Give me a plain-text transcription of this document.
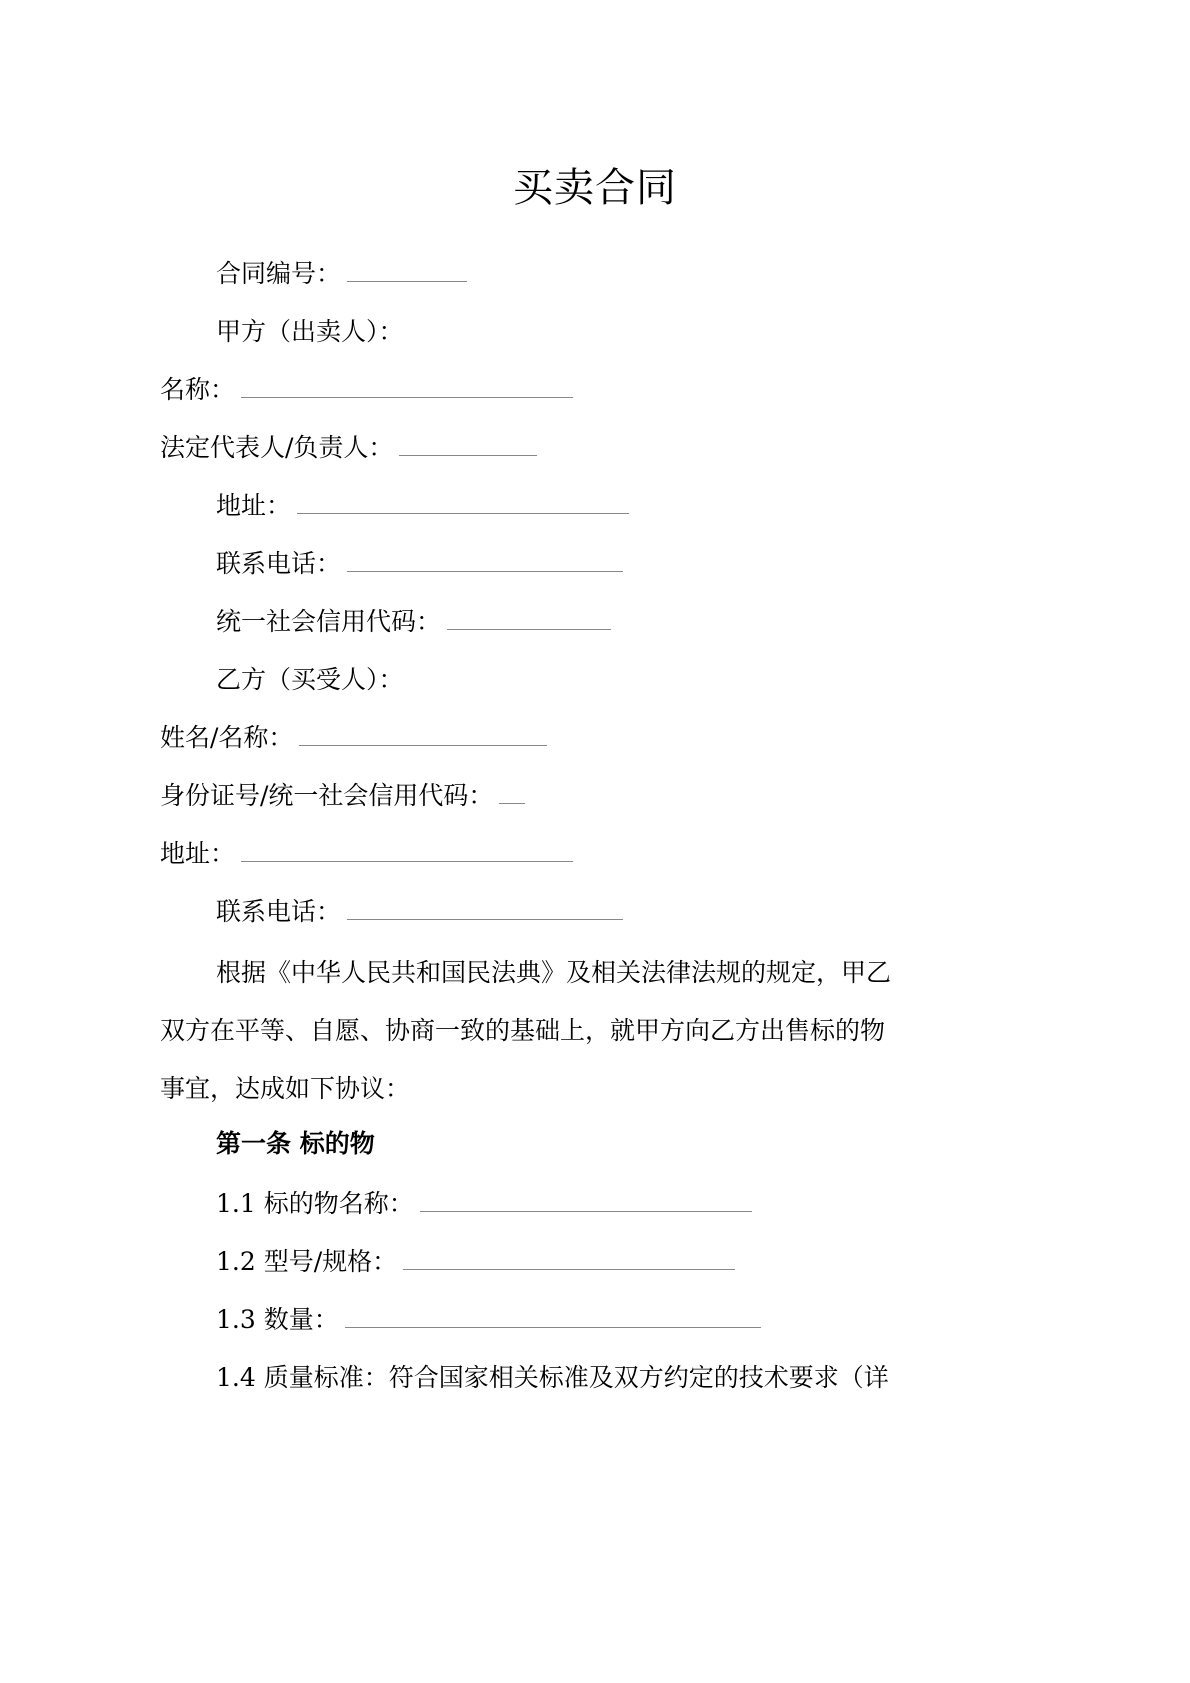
买卖合同
合同编号：
甲方（出卖人）：
名称：
法定代表人/负责人：
地址：
联系电话：
统一社会信用代码：
乙方（买受人）：
姓名/名称：
身份证号/统一社会信用代码：
地址：
联系电话：
根据《中华人民共和国民法典》及相关法律法规的规定，甲乙
双方在平等、自愿、协商一致的基础上，就甲方向乙方出售标的物
事宜，达成如下协议：
第一条 标的物
1.1 标的物名称：
1.2 型号/规格：
1.3 数量：
1.4 质量标准：符合国家相关标准及双方约定的技术要求（详
